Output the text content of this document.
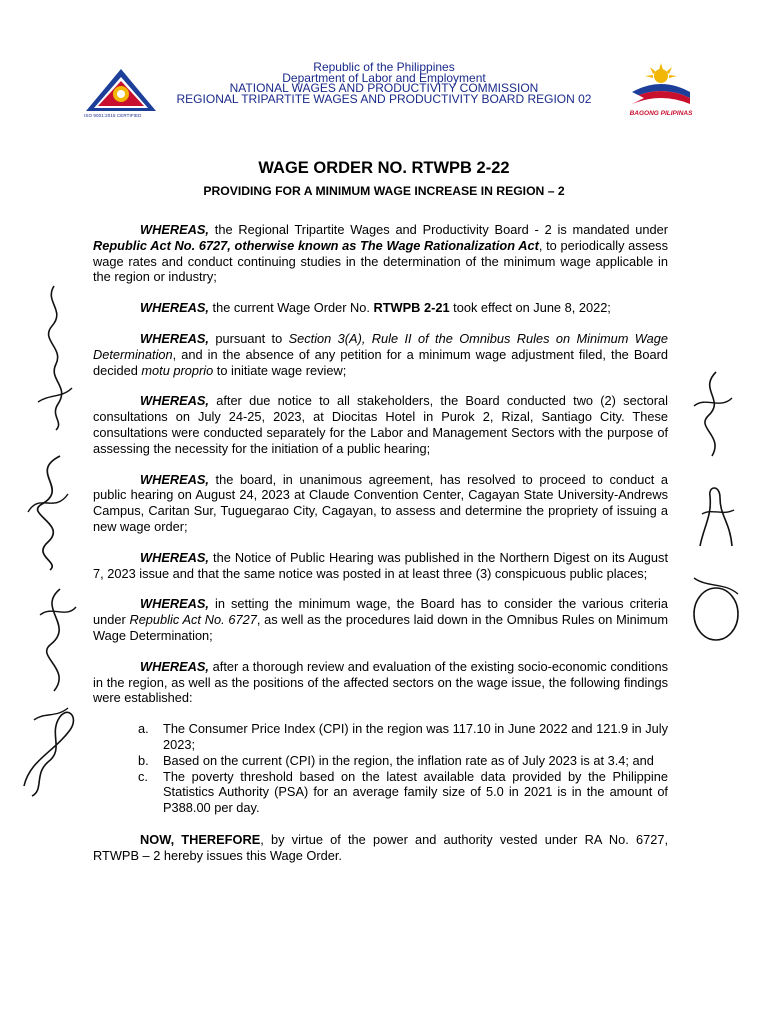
ISO 9001:2015 CERTIFIED
Republic of the Philippines
Department of Labor and Employment
NATIONAL WAGES AND PRODUCTIVITY COMMISSION
REGIONAL TRIPARTITE WAGES AND PRODUCTIVITY BOARD REGION 02
BAGONG PILIPINAS
WAGE ORDER NO. RTWPB 2-22
PROVIDING FOR A MINIMUM WAGE INCREASE IN REGION – 2

WHEREAS, the Regional Tripartite Wages and Productivity Board - 2 is mandated under Republic Act No. 6727, otherwise known as The Wage Rationalization Act, to periodically assess wage rates and conduct continuing studies in the determination of the minimum wage applicable in the region or industry;

WHEREAS, the current Wage Order No. RTWPB 2-21 took effect on June 8, 2022;

WHEREAS, pursuant to Section 3(A), Rule II of the Omnibus Rules on Minimum Wage Determination, and in the absence of any petition for a minimum wage adjustment filed, the Board decided motu proprio to initiate wage review;

WHEREAS, after due notice to all stakeholders, the Board conducted two (2) sectoral consultations on July 24-25, 2023, at Diocitas Hotel in Purok 2, Rizal, Santiago City. These consultations were conducted separately for the Labor and Management Sectors with the purpose of assessing the necessity for the initiation of a public hearing;

WHEREAS, the board, in unanimous agreement, has resolved to proceed to conduct a public hearing on August 24, 2023 at Claude Convention Center, Cagayan State University-Andrews Campus, Caritan Sur, Tuguegarao City, Cagayan, to assess and determine the propriety of issuing a new wage order;

WHEREAS, the Notice of Public Hearing was published in the Northern Digest on its August 7, 2023 issue and that the same notice was posted in at least three (3) conspicuous public places;

WHEREAS, in setting the minimum wage, the Board has to consider the various criteria under Republic Act No. 6727, as well as the procedures laid down in the Omnibus Rules on Minimum Wage Determination;

WHEREAS, after a thorough review and evaluation of the existing socio-economic conditions in the region, as well as the positions of the affected sectors on the wage issue, the following findings were established:

a. The Consumer Price Index (CPI) in the region was 117.10 in June 2022 and 121.9 in July 2023;
b. Based on the current (CPI) in the region, the inflation rate as of July 2023 is at 3.4; and
c. The poverty threshold based on the latest available data provided by the Philippine Statistics Authority (PSA) for an average family size of 5.0 in 2021 is in the amount of P388.00 per day.

NOW, THEREFORE, by virtue of the power and authority vested under RA No. 6727, RTWPB – 2 hereby issues this Wage Order.
